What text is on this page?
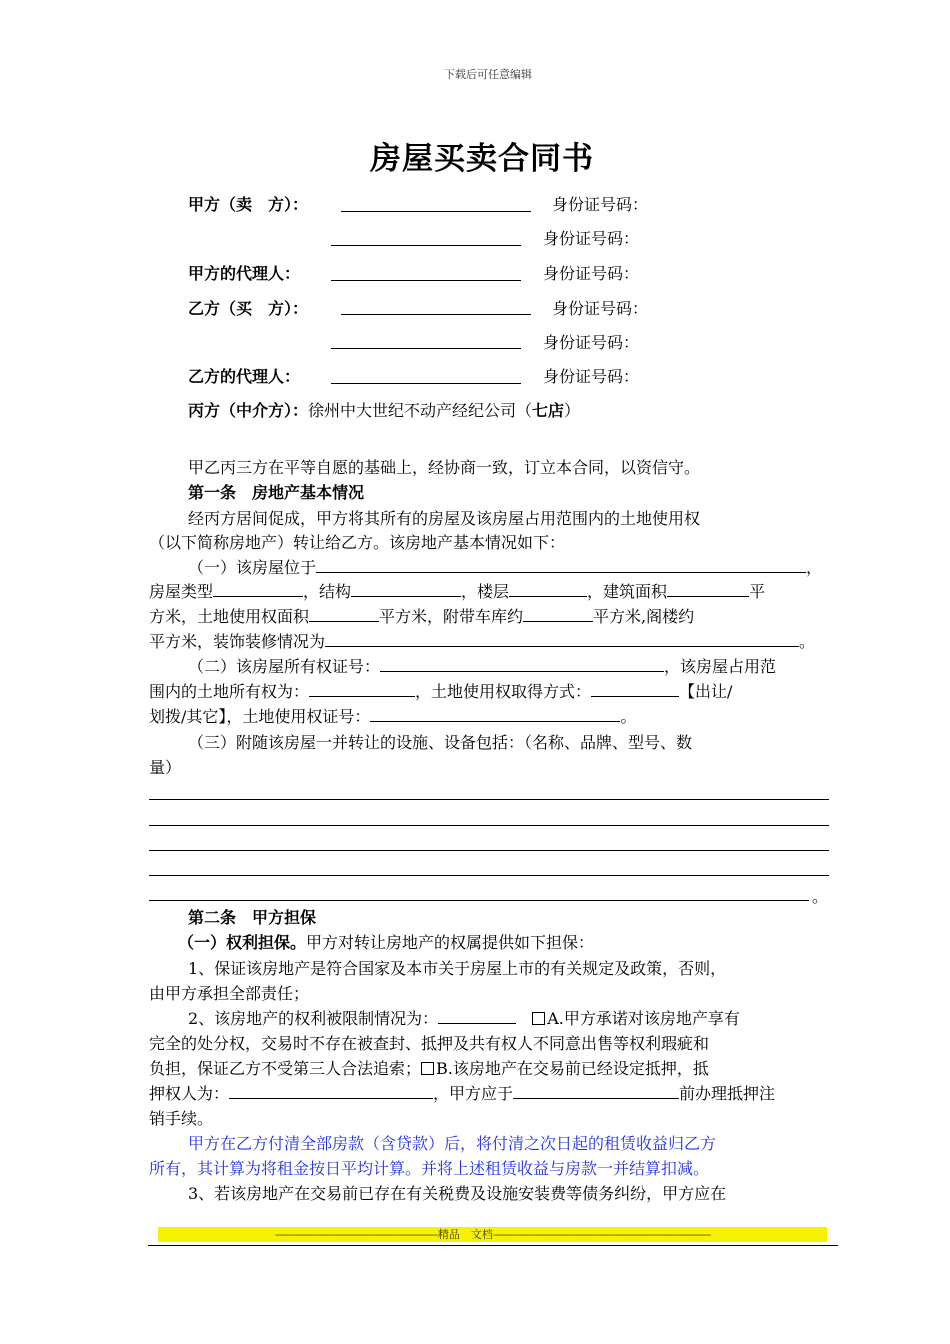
下载后可任意编辑
房屋买卖合同书
甲方（卖　方）：	身份证号码：
身份证号码：
甲方的代理人：	身份证号码：
乙方（买　方）：	身份证号码：
身份证号码：
乙方的代理人：	身份证号码：
丙方（中介方）：徐州中大世纪不动产经纪公司（七店）
甲乙丙三方在平等自愿的基础上，经协商一致，订立本合同，以资信守。
第一条　房地产基本情况
经丙方居间促成，甲方将其所有的房屋及该房屋占用范围内的土地使用权
（以下简称房地产）转让给乙方。该房地产基本情况如下：
（一）该房屋位于	，
房屋类型	，结构	，楼层	，建筑面积	平
方米，土地使用权面积	平方米，附带车库约	平方米,阁楼约
平方米，装饰装修情况为	。
（二）该房屋所有权证号：	，该房屋占用范
围内的土地所有权为：	，土地使用权取得方式：	【出让/
划拨/其它】，土地使用权证号：	。
（三）附随该房屋一并转让的设施、设备包括：（名称、品牌、型号、数
量）
。
第二条　甲方担保
（一）权利担保。甲方对转让房地产的权属提供如下担保：
1、保证该房地产是符合国家及本市关于房屋上市的有关规定及政策，否则，
由甲方承担全部责任；
2、该房地产的权利被限制情况为： 	A.甲方承诺对该房地产享有
完全的处分权，交易时不存在被查封、抵押及共有权人不同意出售等权利瑕疵和
负担，保证乙方不受第三人合法追索； B.该房地产在交易前已经设定抵押，抵
押权人为：	，甲方应于	前办理抵押注
销手续。
甲方在乙方付清全部房款（含贷款）后，将付清之次日起的租赁收益归乙方
所有，其计算为将租金按日平均计算。并将上述租赁收益与房款一并结算扣减。
3、若该房地产在交易前已存在有关税费及设施安装费等债务纠纷，甲方应在
------------------------------------------------------------精品　文档--------------------------------------------------------------------------------
